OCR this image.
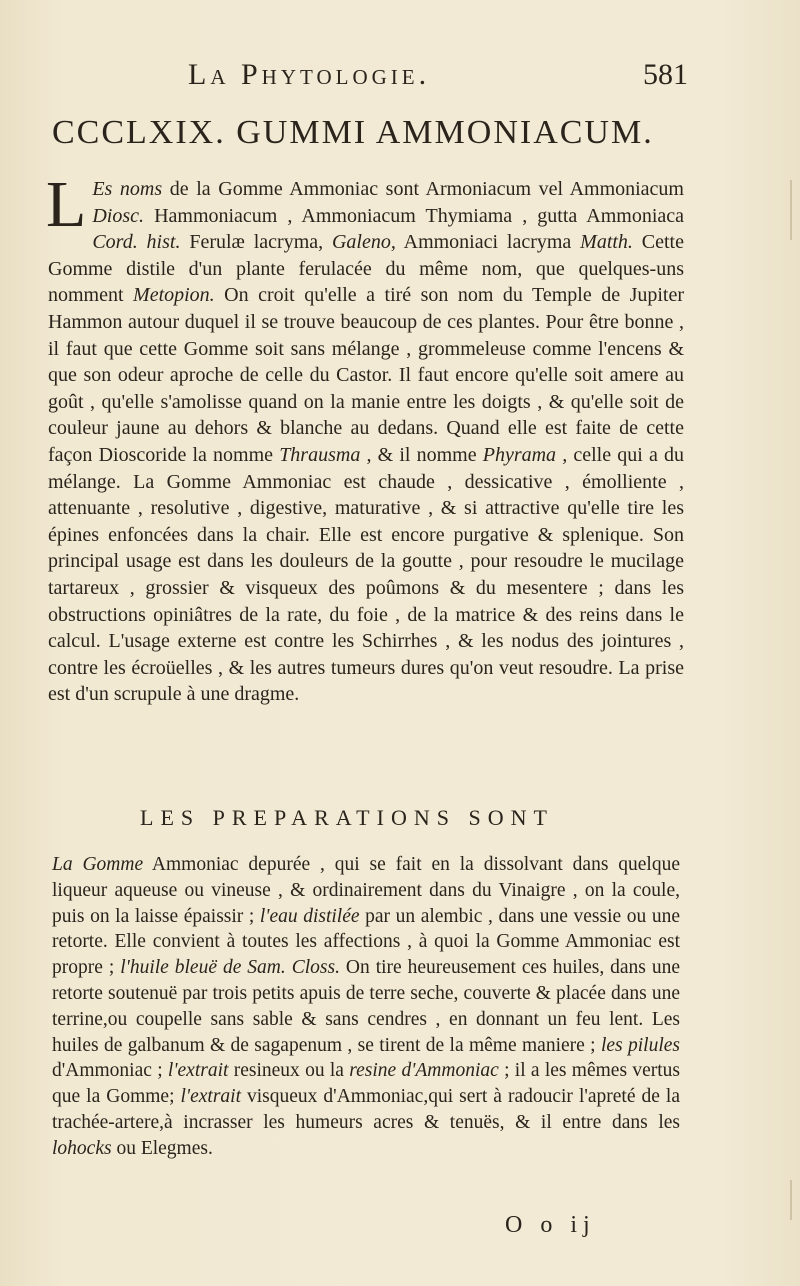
La Phytologie.	581
CCCLXIX. GUMMI AMMONIACUM.

L Es noms de la Gomme Ammoniac sont Armoniacum vel Ammoniacum Diosc. Hammoniacum , Ammoniacum Thymiama , gutta Ammoniaca Cord. hist. Ferulæ lacryma, Galeno, Ammoniaci lacryma Matth. Cette Gomme distile d'un plante ferulacée du même nom, que quelques-uns nomment Metopion. On croit qu'elle a tiré son nom du Temple de Jupiter Hammon autour duquel il se trouve beaucoup de ces plantes. Pour être bonne , il faut que cette Gomme soit sans mélange , grommeleuse comme l'encens & que son odeur aproche de celle du Castor. Il faut encore qu'elle soit amere au goût , qu'elle s'amolisse quand on la manie entre les doigts , & qu'elle soit de couleur jaune au dehors & blanche au dedans. Quand elle est faite de cette façon Dioscoride la nomme Thrausma , & il nomme Phyrama , celle qui a du mélange. La Gomme Ammoniac est chaude , dessicative , émolliente , attenuante , resolutive , digestive, maturative , & si attractive qu'elle tire les épines enfoncées dans la chair. Elle est encore purgative & splenique. Son principal usage est dans les douleurs de la goutte , pour resoudre le mucilage tartareux , grossier & visqueux des poûmons & du mesentere ; dans les obstructions opiniâtres de la rate, du foie , de la matrice & des reins dans le calcul. L'usage externe est contre les Schirrhes , & les nodus des jointures , contre les écroüelles , & les autres tumeurs dures qu'on veut resoudre. La prise est d'un scrupule à une dragme.

LES PREPARATIONS SONT

La Gomme Ammoniac depurée , qui se fait en la dissolvant dans quelque liqueur aqueuse ou vineuse , & ordinairement dans du Vinaigre , on la coule, puis on la laisse épaissir ; l'eau distilée par un alembic , dans une vessie ou une retorte. Elle convient à toutes les affections , à quoi la Gomme Ammoniac est propre ; l'huile bleuë de Sam. Closs. On tire heureusement ces huiles, dans une retorte soutenuë par trois petits apuis de terre seche, couverte & placée dans une terrine,ou coupelle sans sable & sans cendres , en donnant un feu lent. Les huiles de galbanum & de sagapenum , se tirent de la même maniere ; les pilules d'Ammoniac ; l'extrait resineux ou la resine d'Ammoniac ; il a les mêmes vertus que la Gomme; l'extrait visqueux d'Ammoniac,qui sert à radoucir l'apreté de la trachée-artere,à incrasser les humeurs acres & tenuës, & il entre dans les lohocks ou Elegmes.

O o ij
